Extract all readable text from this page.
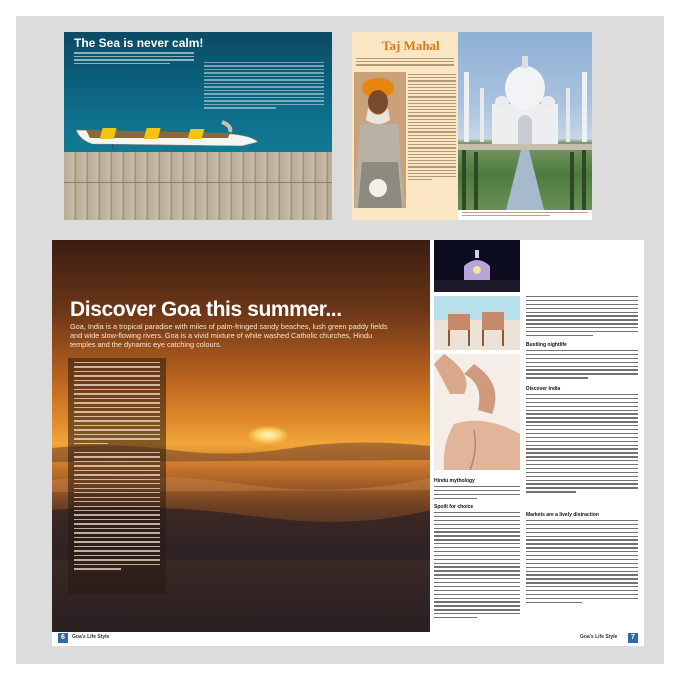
The Sea is never calm!	Taj Mahal
Discover Goa this summer...
Goa, India is a tropical paradise with miles of palm-fringed sandy beaches, lush green paddy fields and wide slow-flowing rivers. Goa is a vivid mixture of white washed Catholic churches, Hindu temples and the dynamic eye catching colours.
6	Goa's Life Style
Hindu mythology
Spoilt for choice
Bustling nightlife
Discover India
Markets are a lively distraction
Goa's Life Style	7
